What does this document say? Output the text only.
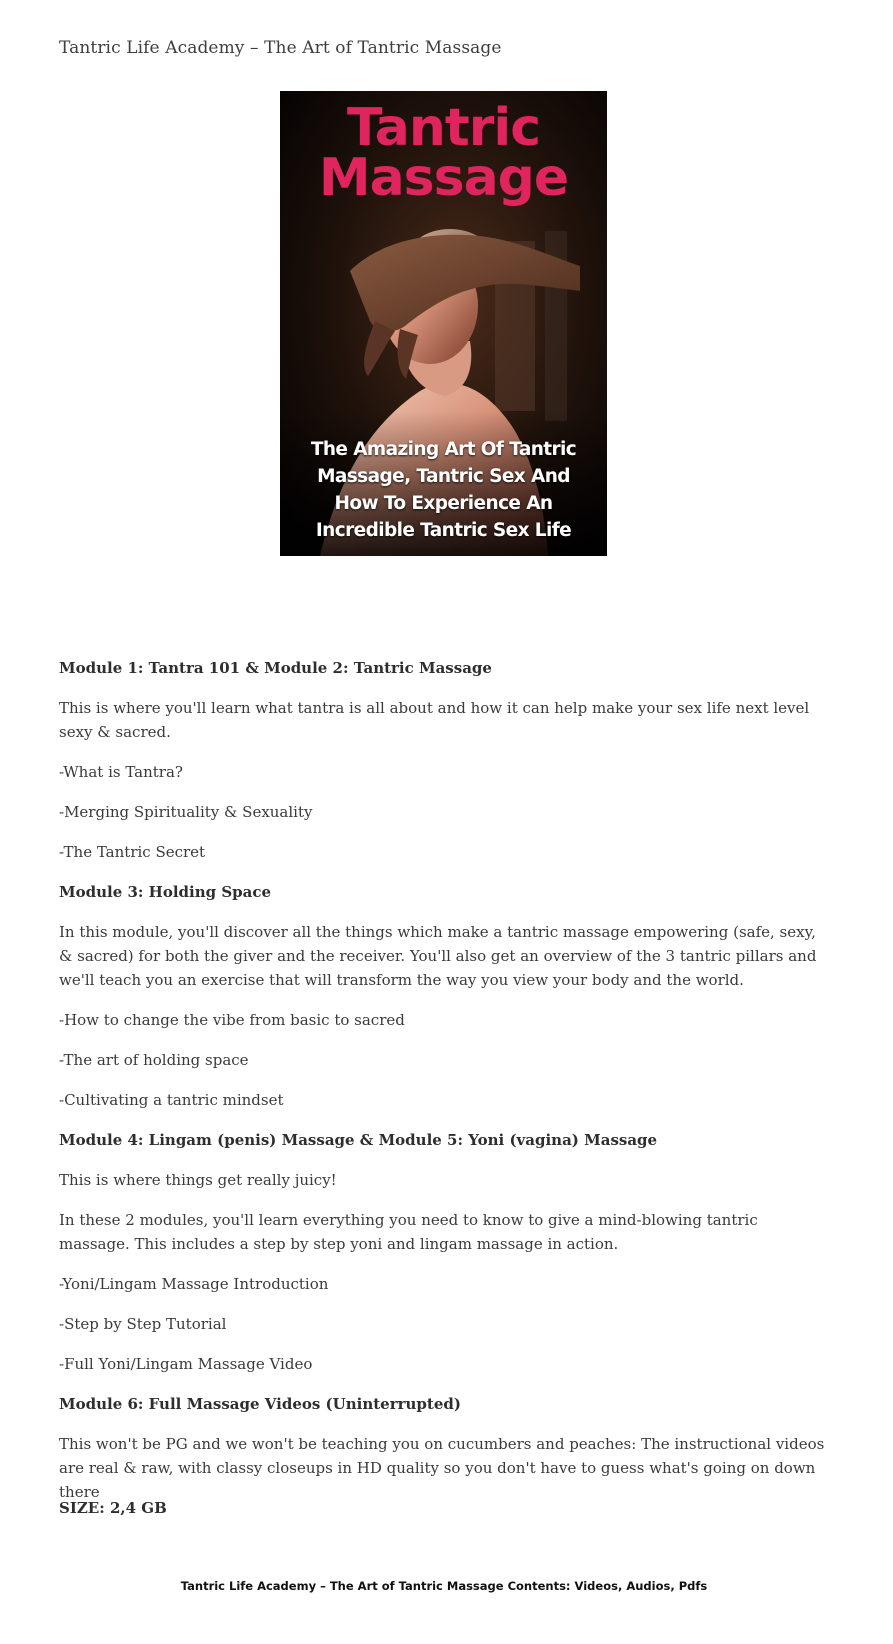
Tantric Life Academy – The Art of Tantric Massage
Tantric
Massage
The Amazing Art Of Tantric
Massage, Tantric Sex And
How To Experience An
Incredible Tantric Sex Life

Module 1: Tantra 101 & Module 2: Tantric Massage

This is where you'll learn what tantra is all about and how it can help make your sex life next level sexy & sacred.

-What is Tantra?

-Merging Spirituality & Sexuality

-The Tantric Secret

Module 3: Holding Space

In this module, you'll discover all the things which make a tantric massage empowering (safe, sexy, & sacred) for both the giver and the receiver. You'll also get an overview of the 3 tantric pillars and we'll teach you an exercise that will transform the way you view your body and the world.

-How to change the vibe from basic to sacred

-The art of holding space

-Cultivating a tantric mindset

Module 4: Lingam (penis) Massage & Module 5: Yoni (vagina) Massage

This is where things get really juicy!

In these 2 modules, you'll learn everything you need to know to give a mind-blowing tantric massage. This includes a step by step yoni and lingam massage in action.

-Yoni/Lingam Massage Introduction

-Step by Step Tutorial

-Full Yoni/Lingam Massage Video

Module 6: Full Massage Videos (Uninterrupted)

This won't be PG and we won't be teaching you on cucumbers and peaches: The instructional videos are real & raw, with classy closeups in HD quality so you don't have to guess what's going on down there

SIZE: 2,4 GB

Tantric Life Academy – The Art of Tantric Massage Contents: Videos, Audios, Pdfs
